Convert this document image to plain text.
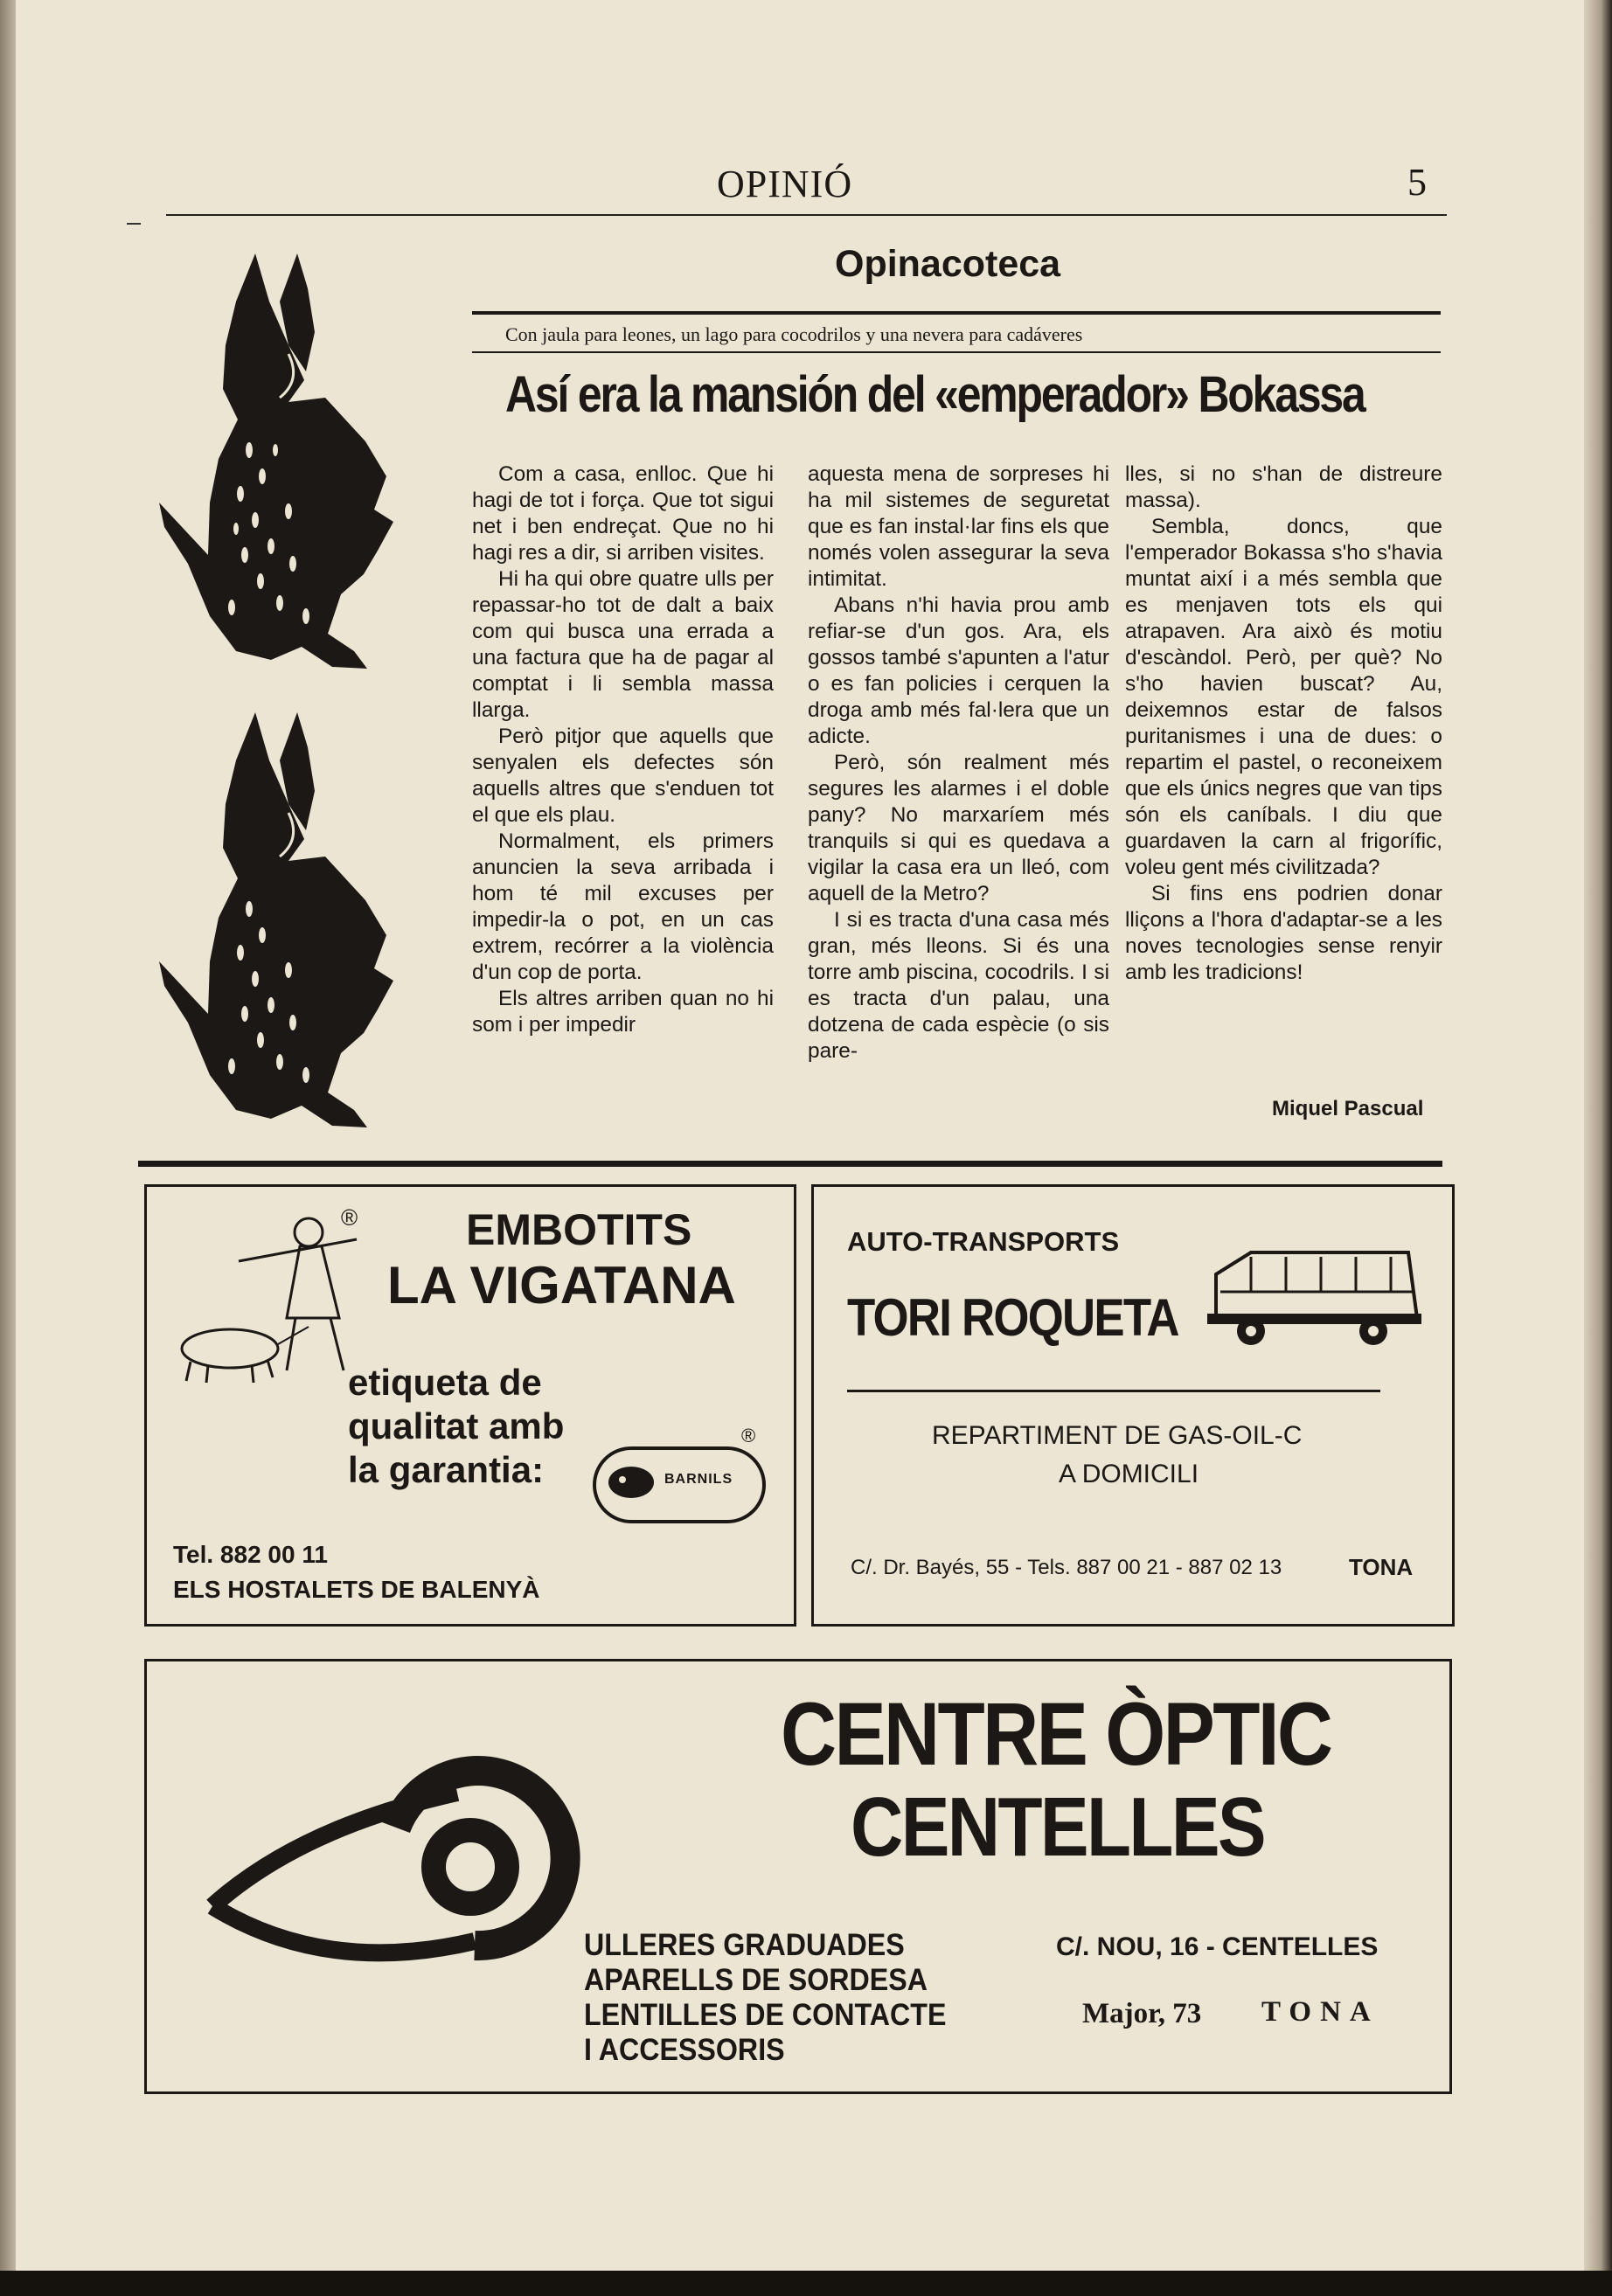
OPINIÓ	5
Opinacoteca
Con jaula para leones, un lago para cocodrilos y una nevera para cadáveres
Así era la mansión del «emperador» Bokassa

Com a casa, enlloc. Que hi hagi de tot i força. Que tot sigui net i ben endreçat. Que no hi hagi res a dir, si arriben visites.

Hi ha qui obre quatre ulls per repassar-ho tot de dalt a baix com qui busca una errada a una factura que ha de pagar al comptat i li sembla massa llarga.

Però pitjor que aquells que senyalen els defectes són aquells altres que s'enduen tot el que els plau.

Normalment, els primers anuncien la seva arribada i hom té mil excuses per impedir-la o pot, en un cas extrem, recórrer a la violència d'un cop de porta.

Els altres arriben quan no hi som i per impedir

aquesta mena de sorpreses hi ha mil sistemes de seguretat que es fan instal·lar fins els que només volen assegurar la seva intimitat.

Abans n'hi havia prou amb refiar-se d'un gos. Ara, els gossos també s'apunten a l'atur o es fan policies i cerquen la droga amb més fal·lera que un adicte.

Però, són realment més segures les alarmes i el doble pany? No marxaríem més tranquils si qui es quedava a vigilar la casa era un lleó, com aquell de la Metro?

I si es tracta d'una casa més gran, més lleons. Si és una torre amb piscina, cocodrils. I si es tracta d'un palau, una dotzena de cada espècie (o sis pare-

lles, si no s'han de distreure massa).

Sembla, doncs, que l'emperador Bokassa s'ho s'havia muntat així i a més sembla que es menjaven tots els qui atrapaven. Ara això és motiu d'escàndol. Però, per què? No s'ho havien buscat? Au, deixemnos estar de falsos puritanismes i una de dues: o repartim el pastel, o reconeixem que els únics negres que van tips són els caníbals. I diu que guardaven la carn al frigorífic, voleu gent més civilitzada?

Si fins ens podrien donar lliçons a l'hora d'adaptar-se a les noves tecnologies sense renyir amb les tradicions!

Miquel Pascual
® EMBOTITS
LA VIGATANA
etiqueta de
qualitat amb
la garantia:
®
BARNILS
Tel. 882 00 11
ELS HOSTALETS DE BALENYÀ
AUTO-TRANSPORTS
TORI ROQUETA
REPARTIMENT DE GAS-OIL-C
A DOMICILI
C/. Dr. Bayés, 55 - Tels. 887 00 21 - 887 02 13	TONA
CENTRE ÒPTIC
CENTELLES
ULLERES GRADUADES
APARELLS DE SORDESA
LENTILLES DE CONTACTE
I ACCESSORIS
C/. NOU, 16 - CENTELLES
Major, 73 TONA
